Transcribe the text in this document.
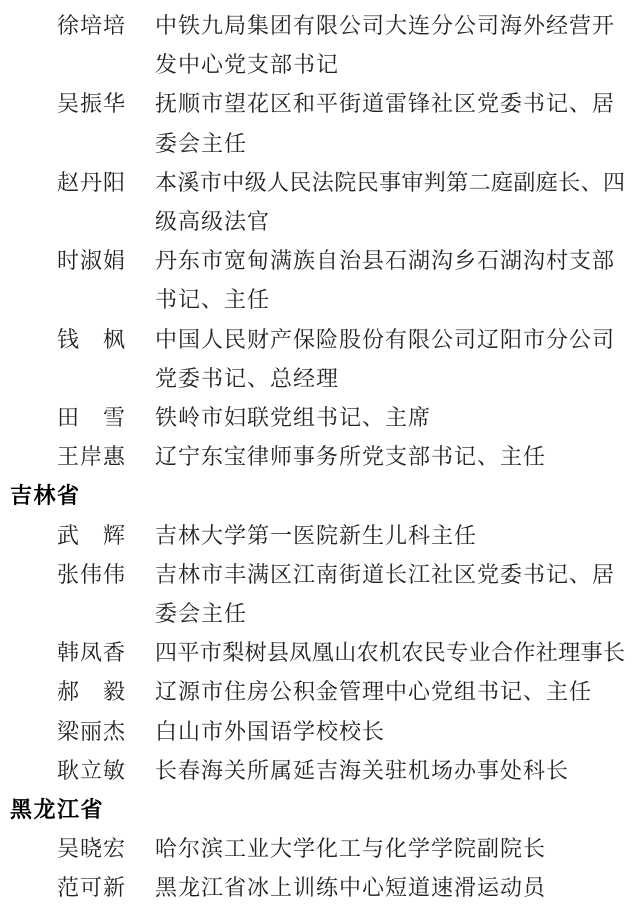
徐培培 中铁九局集团有限公司大连分公司海外经营开
发中心党支部书记
吴振华 抚顺市望花区和平街道雷锋社区党委书记、居
委会主任
赵丹阳 本溪市中级人民法院民事审判第二庭副庭长、四
级高级法官
时淑娟 丹东市宽甸满族自治县石湖沟乡石湖沟村支部
书记、主任
钱　枫 中国人民财产保险股份有限公司辽阳市分公司
党委书记、总经理
田　雪 铁岭市妇联党组书记、主席
王岸惠 辽宁东宝律师事务所党支部书记、主任
吉林省
武　辉 吉林大学第一医院新生儿科主任
张伟伟 吉林市丰满区江南街道长江社区党委书记、居
委会主任
韩凤香 四平市梨树县凤凰山农机农民专业合作社理事长
郝　毅 辽源市住房公积金管理中心党组书记、主任
梁丽杰 白山市外国语学校校长
耿立敏 长春海关所属延吉海关驻机场办事处科长
黑龙江省
吴晓宏 哈尔滨工业大学化工与化学学院副院长
范可新 黑龙江省冰上训练中心短道速滑运动员
